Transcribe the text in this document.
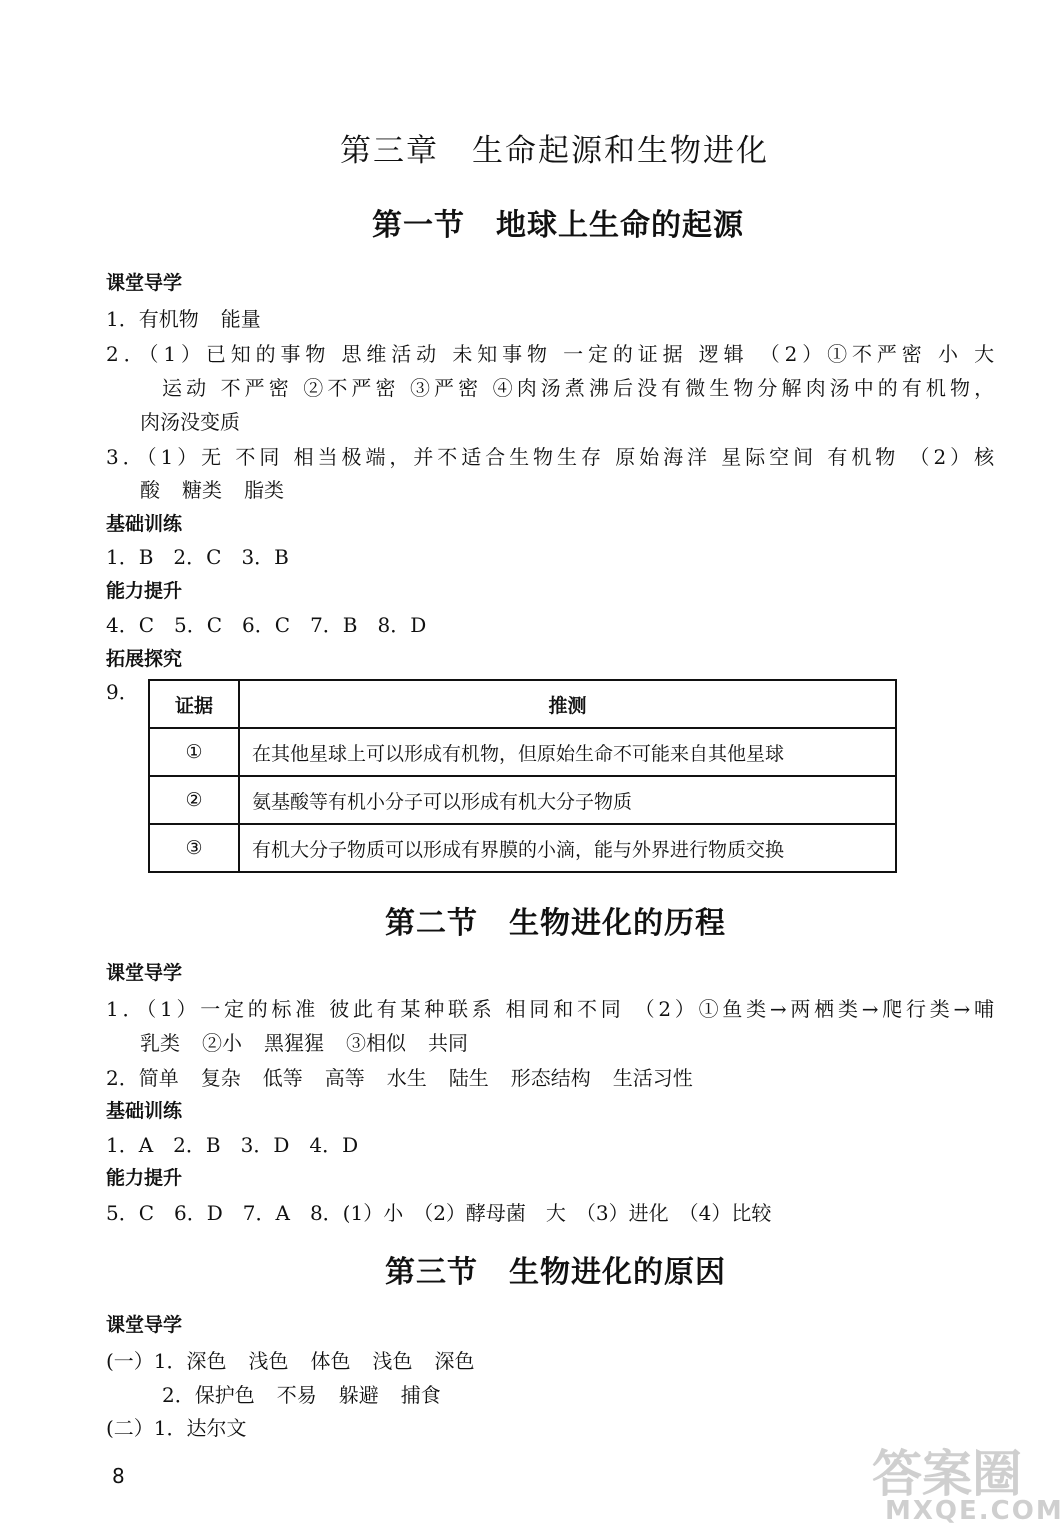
第三章　生命起源和生物进化
第一节　地球上生命的起源
课堂导学
1．有机物 能量
2．（1）已知的事物 思维活动 未知事物 一定的证据 逻辑 （2）①不严密 小 大
运动 不严密 ②不严密 ③严密 ④肉汤煮沸后没有微生物分解肉汤中的有机物，
肉汤没变质
3．（1）无 不同 相当极端，并不适合生物生存 原始海洋 星际空间 有机物 （2）核
酸 糖类 脂类
基础训练
1．B　2．C　3．B
能力提升
4．C　5．C　6．C　7．B　8．D
拓展探究
9．
证据	推测
①	在其他星球上可以形成有机物，但原始生命不可能来自其他星球
②	氨基酸等有机小分子可以形成有机大分子物质
③	有机大分子物质可以形成有界膜的小滴，能与外界进行物质交换
第二节　生物进化的历程
课堂导学
1．（1）一定的标准 彼此有某种联系 相同和不同 （2）①鱼类→两栖类→爬行类→哺
乳类 ②小 黑猩猩 ③相似 共同
2．简单 复杂 低等 高等 水生 陆生 形态结构 生活习性
基础训练
1．A　2．B　3．D　4．D
能力提升
5．C　6．D　7．A　8．(1）小　（2）酵母菌　大　（3）进化　（4）比较
第三节　生物进化的原因
课堂导学
(一）1．深色 浅色 体色 浅色 深色
2．保护色 不易 躲避 捕食
(二）1．达尔文
8	答案圈
MXQE.COM
